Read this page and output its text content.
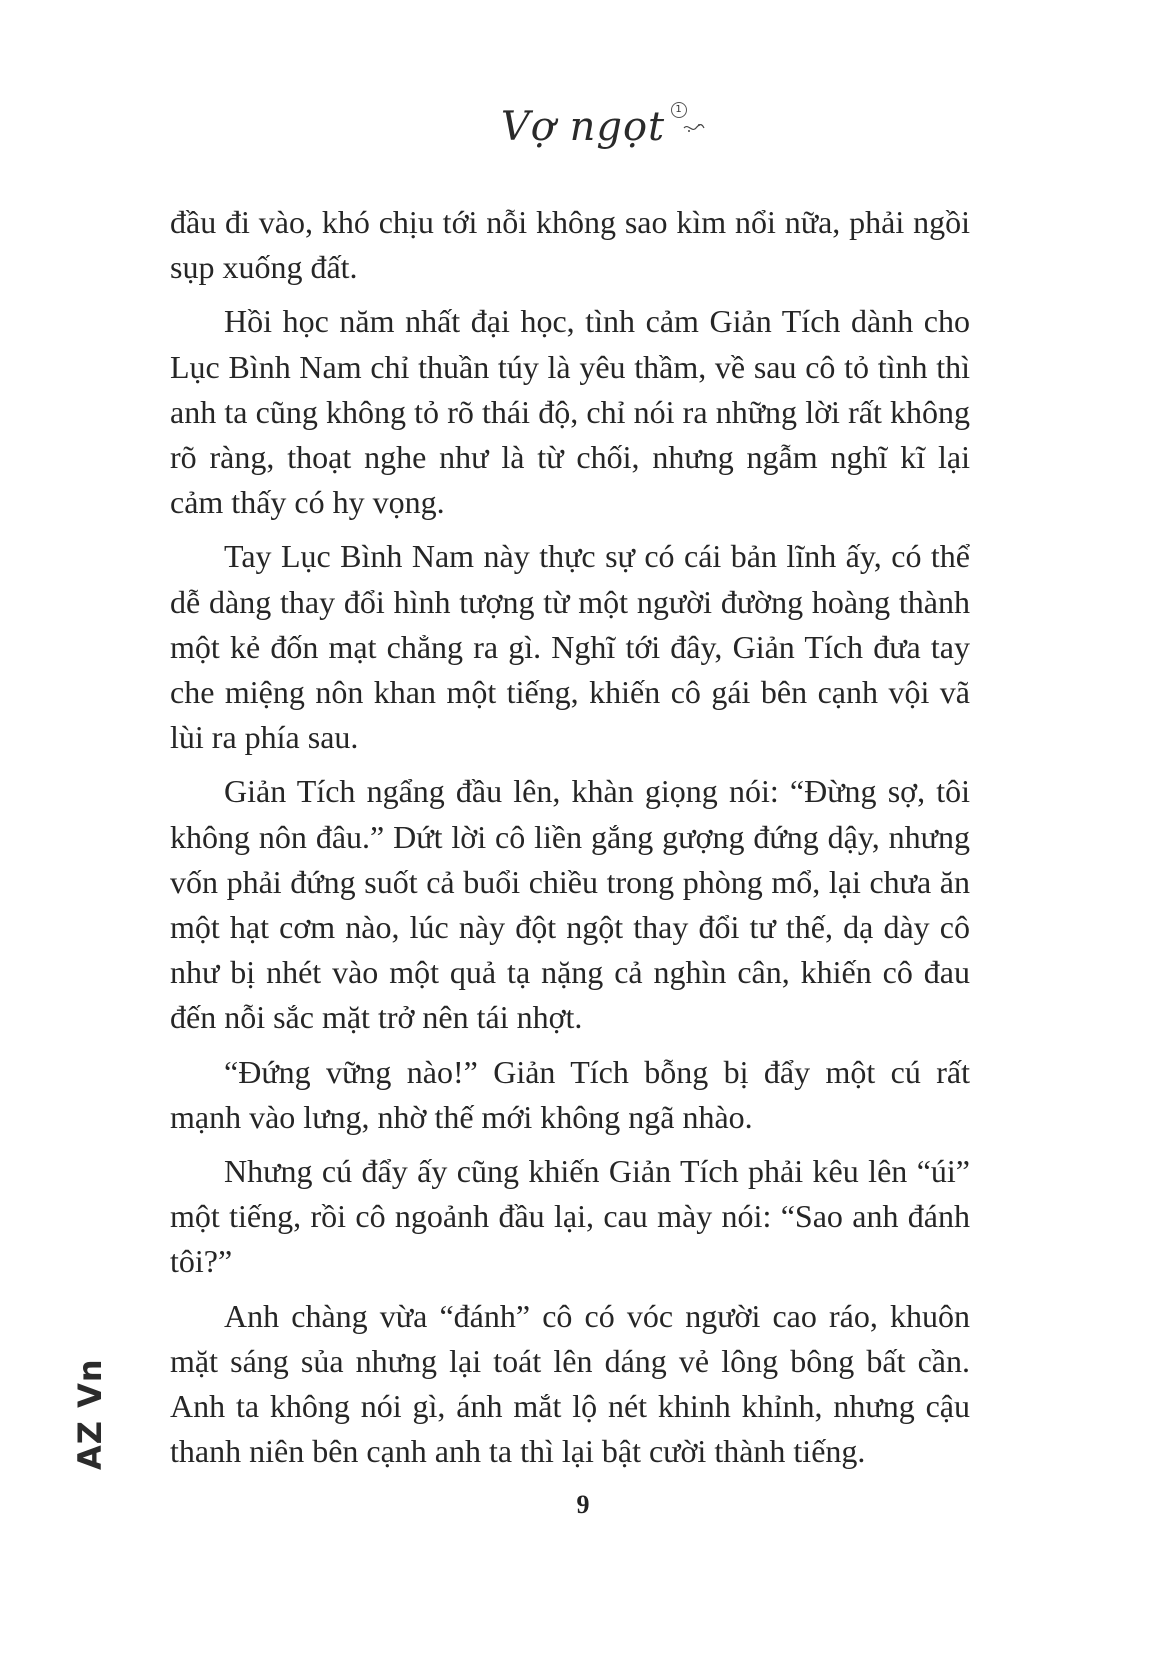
Vợ ngọt	1

đầu đi vào, khó chịu tới nỗi không sao kìm nổi nữa, phải ngồi sụp xuống đất.

Hồi học năm nhất đại học, tình cảm Giản Tích dành cho Lục Bình Nam chỉ thuần túy là yêu thầm, về sau cô tỏ tình thì anh ta cũng không tỏ rõ thái độ, chỉ nói ra những lời rất không rõ ràng, thoạt nghe như là từ chối, nhưng ngẫm nghĩ kĩ lại cảm thấy có hy vọng.

Tay Lục Bình Nam này thực sự có cái bản lĩnh ấy, có thể dễ dàng thay đổi hình tượng từ một người đường hoàng thành một kẻ đốn mạt chẳng ra gì. Nghĩ tới đây, Giản Tích đưa tay che miệng nôn khan một tiếng, khiến cô gái bên cạnh vội vã lùi ra phía sau.

Giản Tích ngẩng đầu lên, khàn giọng nói: “Đừng sợ, tôi không nôn đâu.” Dứt lời cô liền gắng gượng đứng dậy, nhưng vốn phải đứng suốt cả buổi chiều trong phòng mổ, lại chưa ăn một hạt cơm nào, lúc này đột ngột thay đổi tư thế, dạ dày cô như bị nhét vào một quả tạ nặng cả nghìn cân, khiến cô đau đến nỗi sắc mặt trở nên tái nhợt.

“Đứng vững nào!” Giản Tích bỗng bị đẩy một cú rất mạnh vào lưng, nhờ thế mới không ngã nhào.

Nhưng cú đẩy ấy cũng khiến Giản Tích phải kêu lên “úi” một tiếng, rồi cô ngoảnh đầu lại, cau mày nói: “Sao anh đánh tôi?”

Anh chàng vừa “đánh” cô có vóc người cao ráo, khuôn mặt sáng sủa nhưng lại toát lên dáng vẻ lông bông bất cần. Anh ta không nói gì, ánh mắt lộ nét khinh khỉnh, nhưng cậu thanh niên bên cạnh anh ta thì lại bật cười thành tiếng.

9
AZ Vn
